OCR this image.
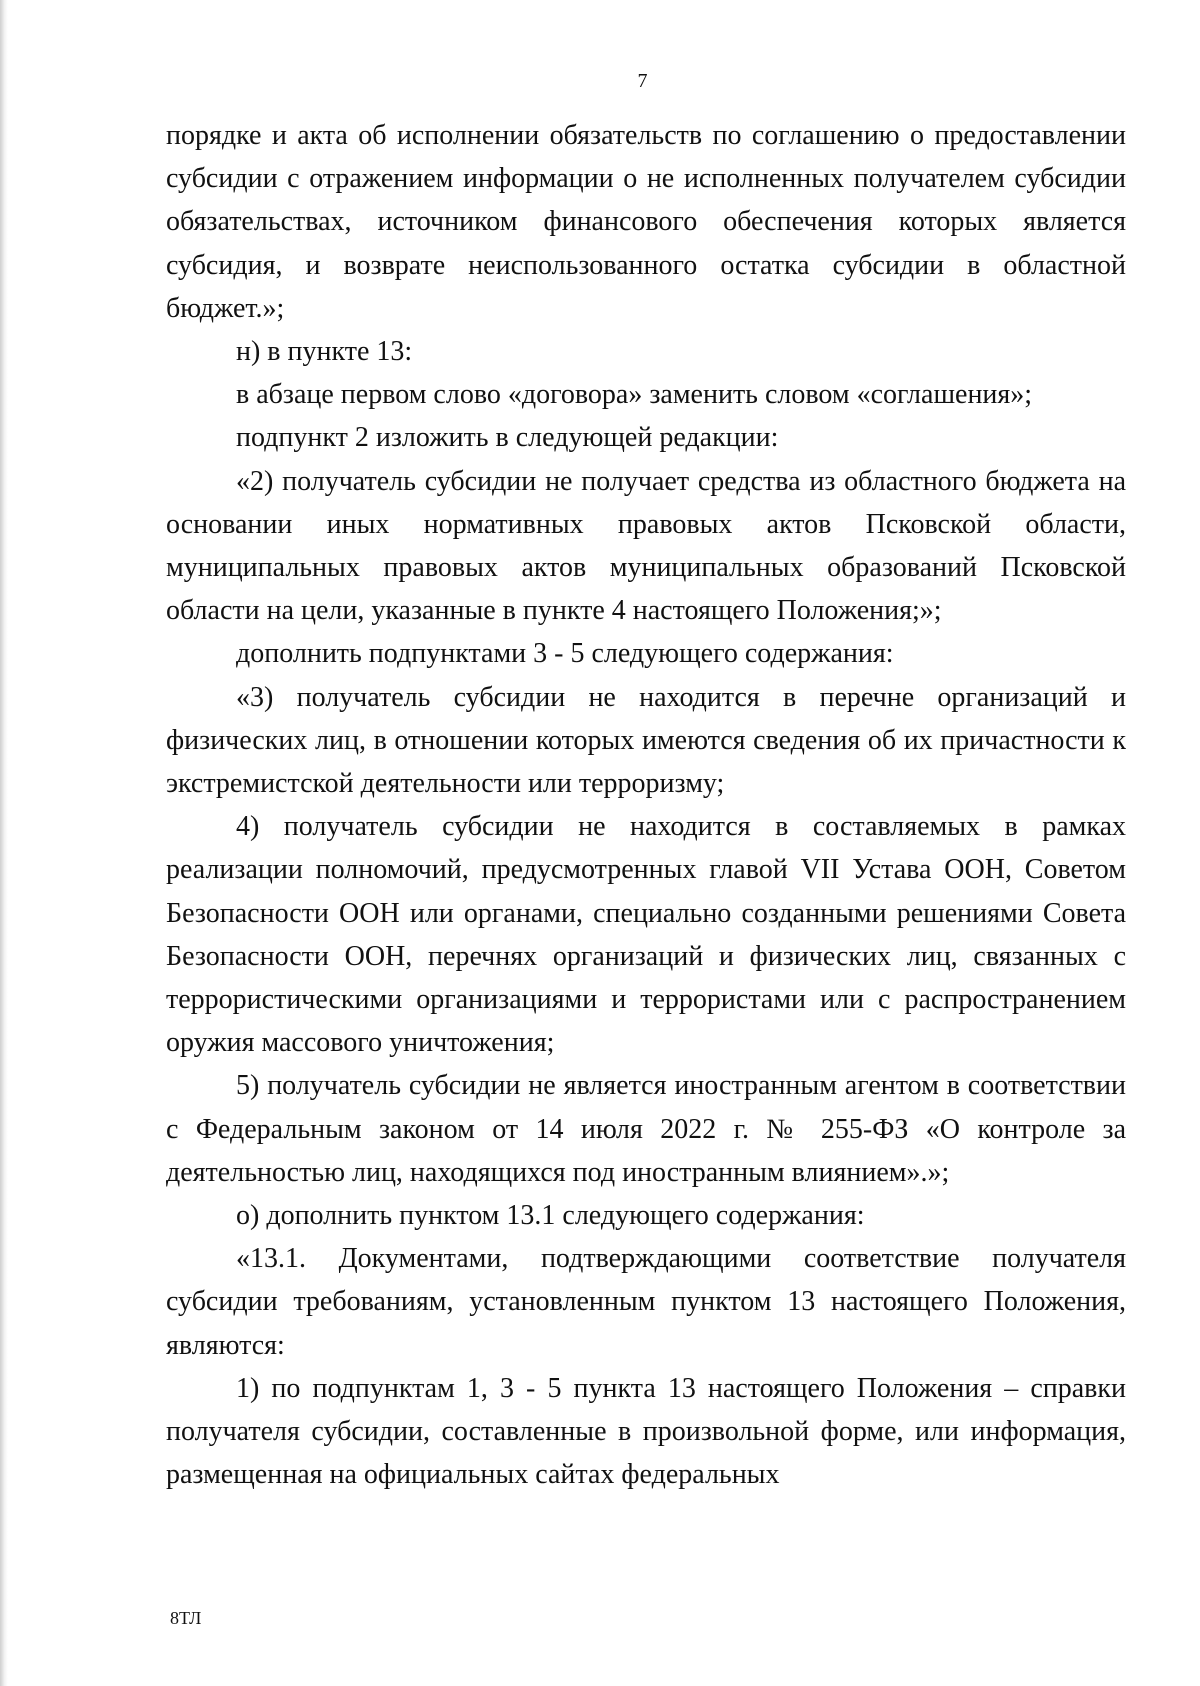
7

порядке и акта об исполнении обязательств по соглашению о предоставлении субсидии с отражением информации о не исполненных получателем субсидии обязательствах, источником финансового обеспечения которых является субсидия, и возврате неиспользованного остатка субсидии в областной бюджет.»;

н) в пункте 13:

в абзаце первом слово «договора» заменить словом «соглашения»;

подпункт 2 изложить в следующей редакции:

«2) получатель субсидии не получает средства из областного бюджета на основании иных нормативных правовых актов Псковской области, муниципальных правовых актов муниципальных образований Псковской области на цели, указанные в пункте 4 настоящего Положения;»;

дополнить подпунктами 3 - 5 следующего содержания:

«3) получатель субсидии не находится в перечне организаций и физических лиц, в отношении которых имеются сведения об их причастности к экстремистской деятельности или терроризму;

4) получатель субсидии не находится в составляемых в рамках реализации полномочий, предусмотренных главой VII Устава ООН, Советом Безопасности ООН или органами, специально созданными решениями Совета Безопасности ООН, перечнях организаций и физических лиц, связанных с террористическими организациями и террористами или с распространением оружия массового уничтожения;

5) получатель субсидии не является иностранным агентом в соответствии с Федеральным законом от 14 июля 2022 г. № 255-ФЗ «О контроле за деятельностью лиц, находящихся под иностранным влиянием».»;

о) дополнить пунктом 13.1 следующего содержания:

«13.1. Документами, подтверждающими соответствие получателя субсидии требованиям, установленным пунктом 13 настоящего Положения, являются:

1) по подпунктам 1, 3 - 5 пункта 13 настоящего Положения – справки получателя субсидии, составленные в произвольной форме, или информация, размещенная на официальных сайтах федеральных

8ТЛ
